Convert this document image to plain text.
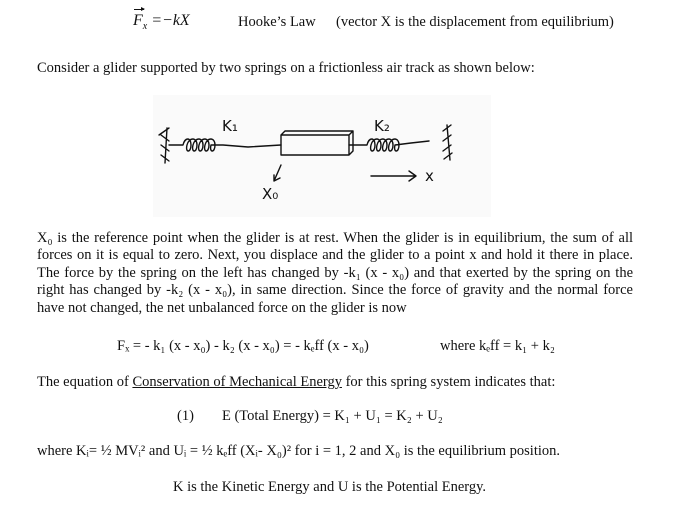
$F_x =-kX$	Hooke’s Law (vector X is the displacement from equilibrium)
Consider a glider supported by two springs on a frictionless air track as shown below:
K₁	K₂
X₀
x
X₀ is the reference point when the glider is at rest. When the glider is in equilibrium, the sum of all forces on it is equal to zero. Next, you displace and the glider to a point x and hold it there in place. The force by the spring on the left has changed by -k₁ (x - x₀) and that exerted by the spring on the right has changed by -k₂ (x - x₀), in same direction. Since the force of gravity and the normal force have not changed, the net unbalanced force on the glider is now
Fₓ = - k₁ (x - x₀) - k₂ (x - x₀) = - kₑff (x - x₀)	where kₑff = k₁ + k₂
The equation of Conservation of Mechanical Energy for this spring system indicates that:
(1) E (Total Energy) = K₁ + U₁ = K₂ + U₂
where Kᵢ= ½ MVᵢ² and Uᵢ = ½ kₑff (Xᵢ- X₀)² for i = 1, 2 and X₀ is the equilibrium position.
K is the Kinetic Energy and U is the Potential Energy.
